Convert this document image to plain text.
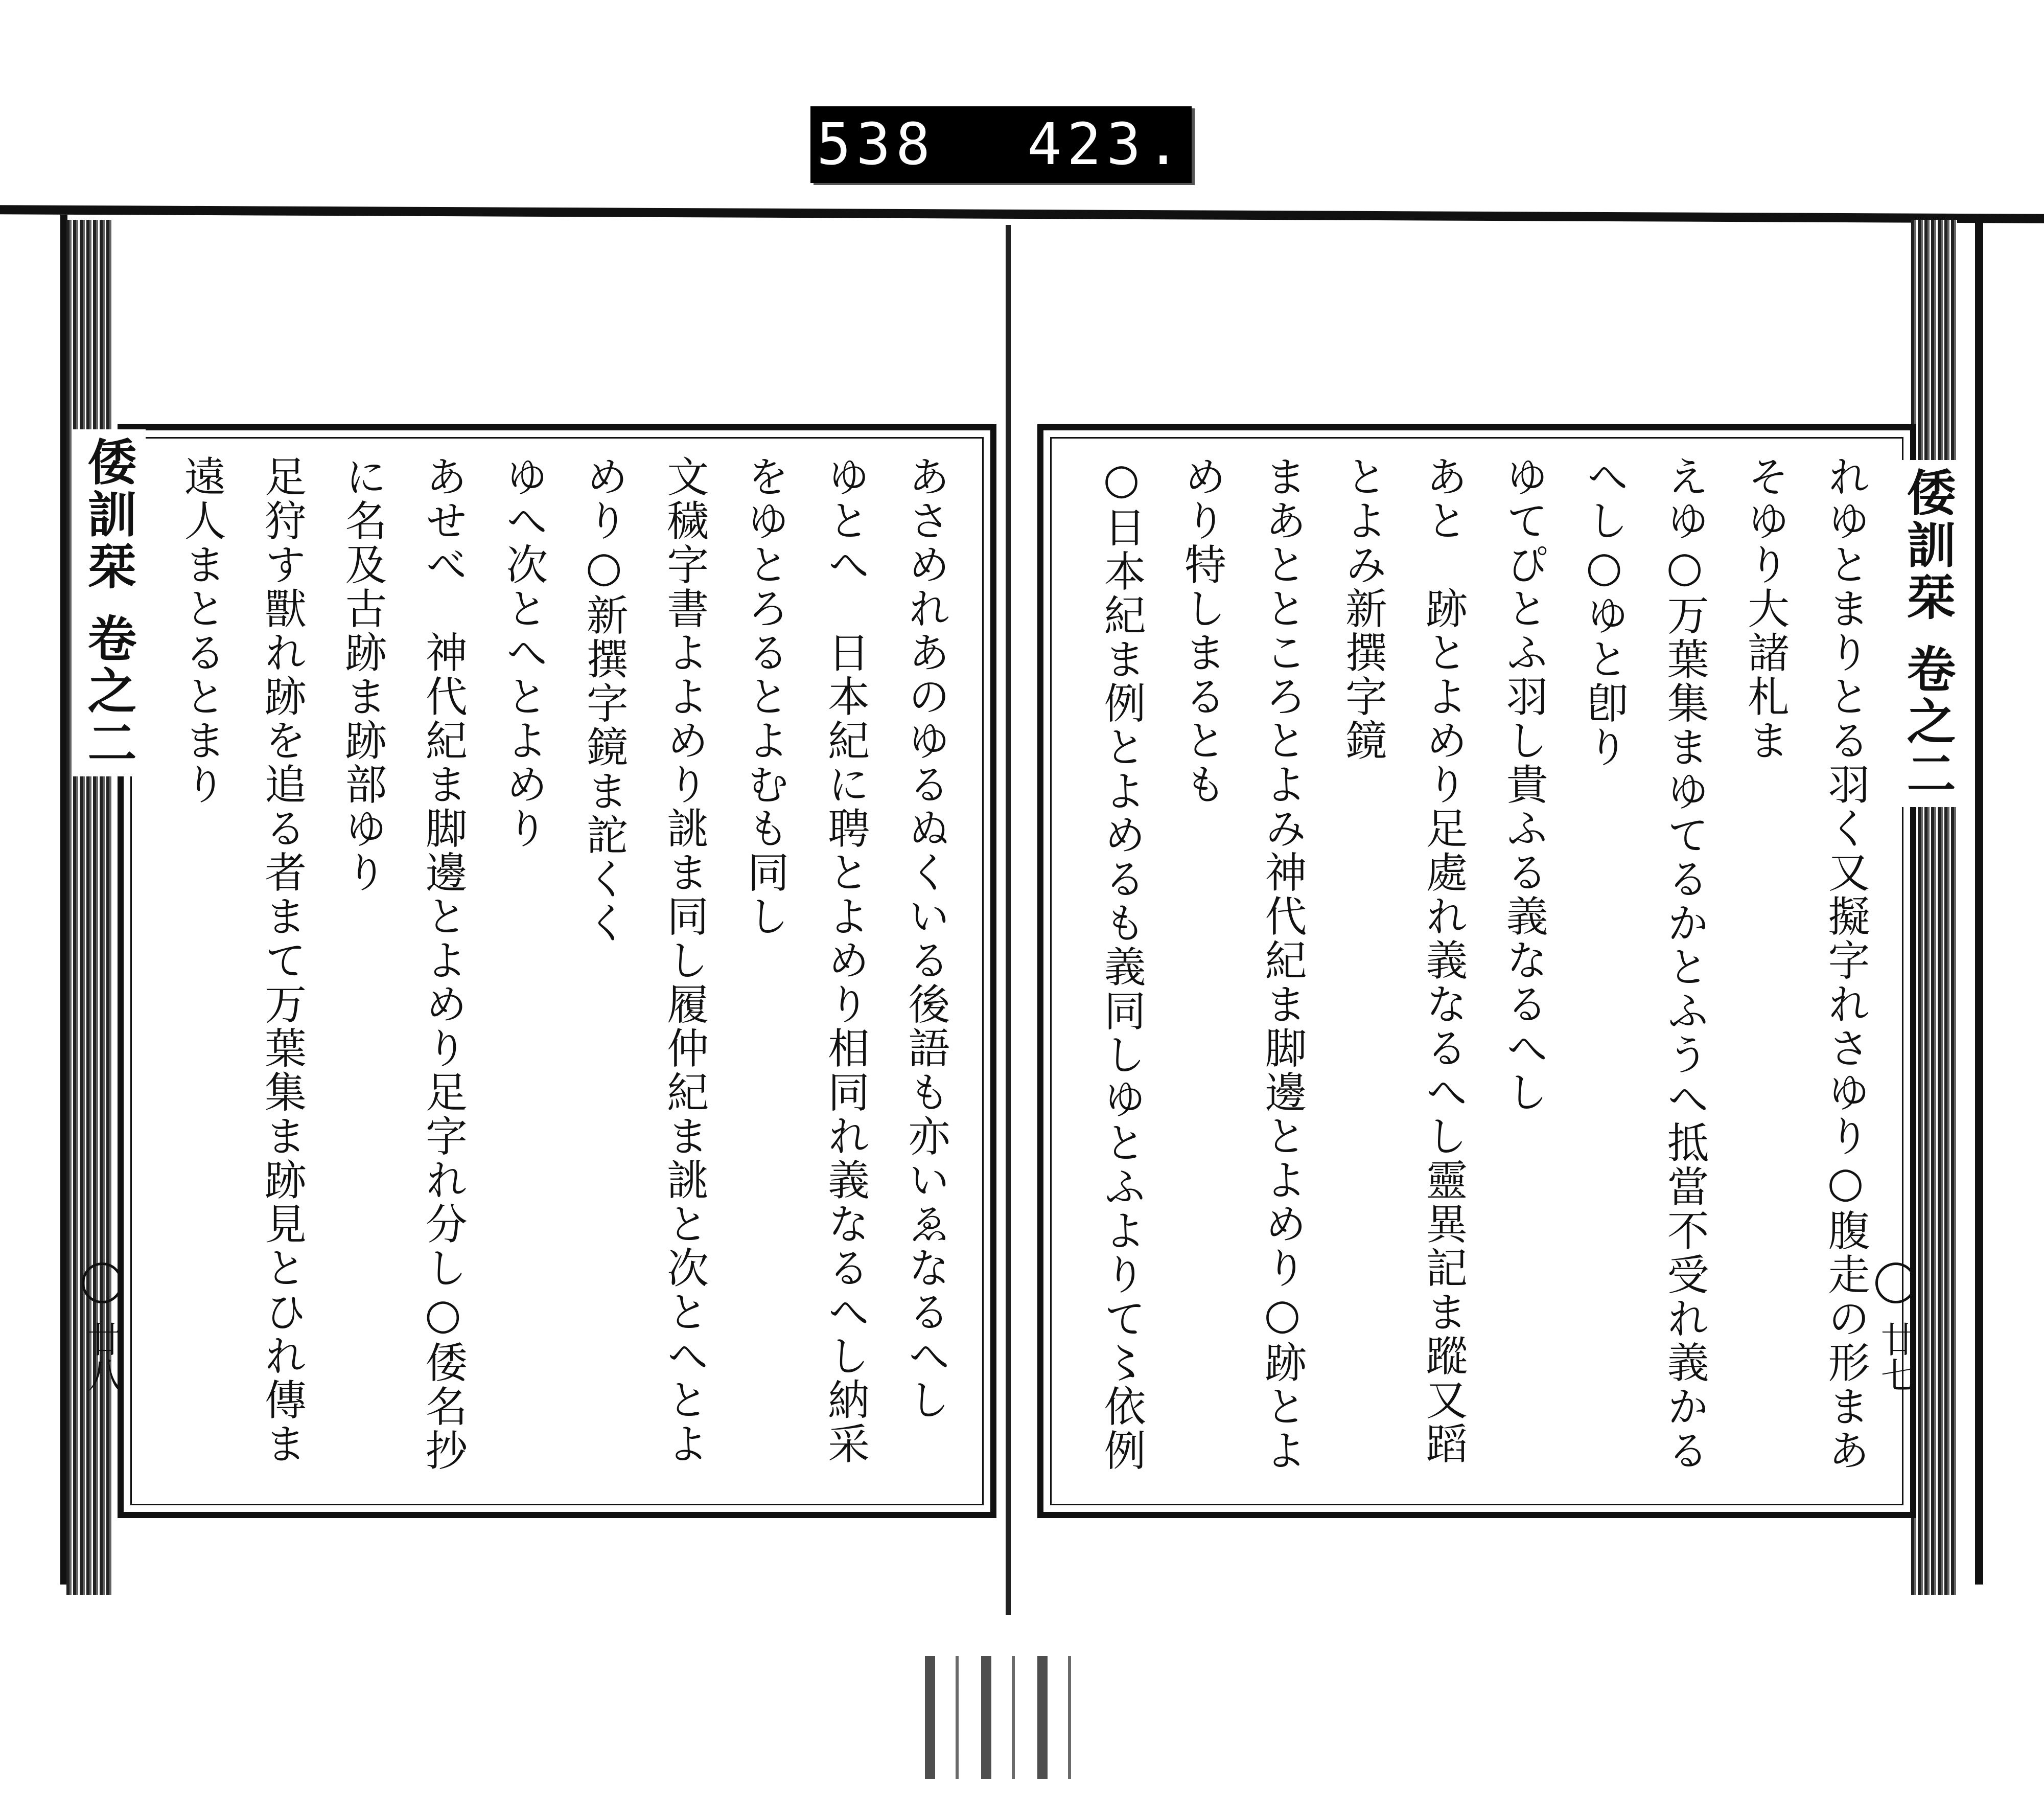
538 423.

あさめれあのゆるぬくいる後語も亦いゑなるへし

ゆとへ　日本紀に聘とよめり相同れ義なるへし納采をゆとろるとよむも同し

文穢字書よよめり誂ま同し履仲紀ま誂と次とへとよめり○新撰字鏡ま詑くく

ゆへ次とへとよめり

あせべ　神代紀ま脚邊とよめり足字れ分し○倭名抄に名及古跡ま跡部ゆり

足狩す獸れ跡を追る者まて万葉集ま跡見とひれ傳ま遠人まとるとまり	れゆとまりとる羽く又擬字れさゆり○腹走の形まあそゆり大諸札ま

えゆ○万葉集まゆてるかとふうへ抵當不受れ義かるへし○ゆと卽り

ゆてぴとふ羽し貴ふる義なるへし

あと　跡とよめり足處れ義なるへし靈異記ま蹤又蹈とよみ新撰字鏡

まあとところとよみ神代紀ま脚邊とよめり○跡とよめり特しまるとも

○日本紀ま例とよめるも義同しゆとふよりて〻依例

倭訓栞 卷之二	倭訓栞 卷之二
廿八	廿七
